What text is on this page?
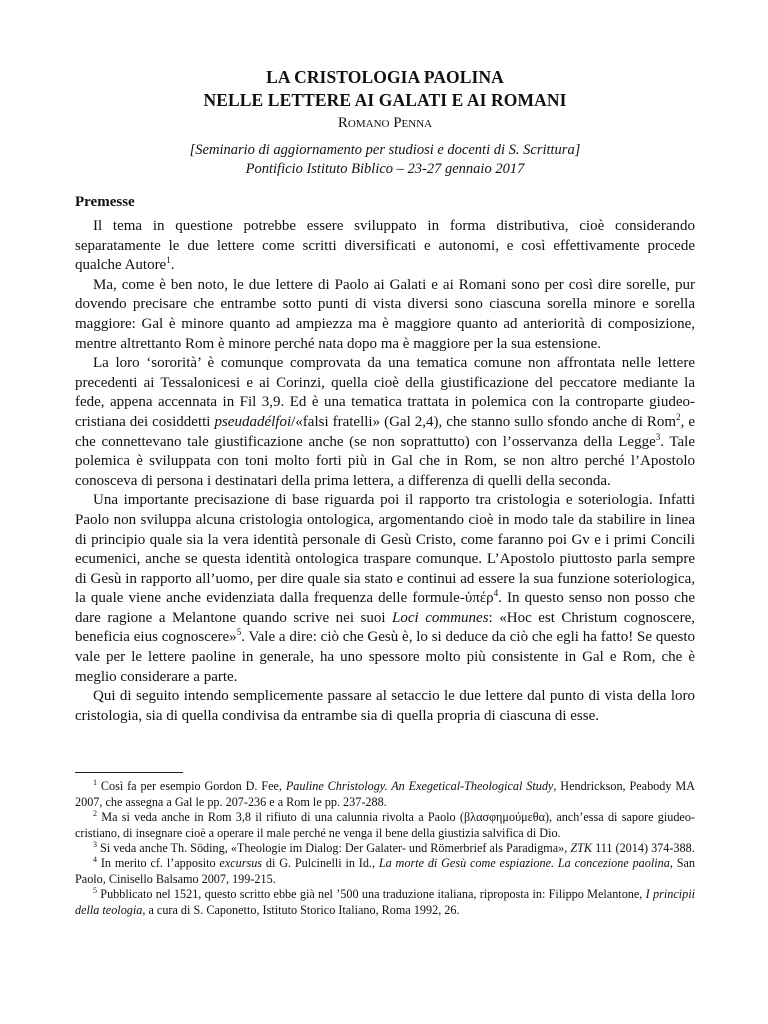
LA CRISTOLOGIA PAOLINA
NELLE LETTERE AI GALATI E AI ROMANI
Romano Penna
[Seminario di aggiornamento per studiosi e docenti di S. Scrittura]
Pontificio Istituto Biblico – 23-27 gennaio 2017
Premesse

Il tema in questione potrebbe essere sviluppato in forma distributiva, cioè considerando separatamente le due lettere come scritti diversificati e autonomi, e così effettivamente procede qualche Autore$^1$.

Ma, come è ben noto, le due lettere di Paolo ai Galati e ai Romani sono per così dire sorelle, pur dovendo precisare che entrambe sotto punti di vista diversi sono ciascuna sorella minore e sorella maggiore: Gal è minore quanto ad ampiezza ma è maggiore quanto ad anteriorità di composizione, mentre altrettanto Rom è minore perché nata dopo ma è maggiore per la sua estensione.

La loro ‘sororità’ è comunque comprovata da una tematica comune non affrontata nelle lettere precedenti ai Tessalonicesi e ai Corinzi, quella cioè della giustificazione del peccatore mediante la fede, appena accennata in Fil 3,9. Ed è una tematica trattata in polemica con la controparte giudeo-cristiana dei cosiddetti pseudadélfoi/«falsi fratelli» (Gal 2,4), che stanno sullo sfondo anche di Rom$^2$, e che connettevano tale giustificazione anche (se non soprattutto) con l’osservanza della Legge$^3$. Tale polemica è sviluppata con toni molto forti più in Gal che in Rom, se non altro perché l’Apostolo conosceva di persona i destinatari della prima lettera, a differenza di quelli della seconda.

Una importante precisazione di base riguarda poi il rapporto tra cristologia e soteriologia. Infatti Paolo non sviluppa alcuna cristologia ontologica, argomentando cioè in modo tale da stabilire in linea di principio quale sia la vera identità personale di Gesù Cristo, come faranno poi Gv e i primi Concili ecumenici, anche se questa identità ontologica traspare comunque. L’Apostolo piuttosto parla sempre di Gesù in rapporto all’uomo, per dire quale sia stato e continui ad essere la sua funzione soteriologica, la quale viene anche evidenziata dalla frequenza delle formule-ὑπέρ$^4$. In questo senso non posso che dare ragione a Melantone quando scrive nei suoi Loci communes: «Hoc est Christum cognoscere, beneficia eius cognoscere»$^5$. Vale a dire: ciò che Gesù è, lo si deduce da ciò che egli ha fatto! Se questo vale per le lettere paoline in generale, ha uno spessore molto più consistente in Gal e Rom, che è meglio considerare a parte.

Qui di seguito intendo semplicemente passare al setaccio le due lettere dal punto di vista della loro cristologia, sia di quella condivisa da entrambe sia di quella propria di ciascuna di esse.

$^1$ Così fa per esempio Gordon D. Fee, Pauline Christology. An Exegetical-Theological Study, Hendrickson, Peabody MA 2007, che assegna a Gal le pp. 207-236 e a Rom le pp. 237-288.

$^2$ Ma si veda anche in Rom 3,8 il rifiuto di una calunnia rivolta a Paolo (βλασφημούμεθα), anch’essa di sapore giudeo-cristiano, di insegnare cioè a operare il male perché ne venga il bene della giustizia salvifica di Dio.

$^3$ Si veda anche Th. Söding, «Theologie im Dialog: Der Galater- und Römerbrief als Paradigma», ZTK 111 (2014) 374-388.

$^4$ In merito cf. l’apposito excursus di G. Pulcinelli in Id., La morte di Gesù come espiazione. La concezione paolina, San Paolo, Cinisello Balsamo 2007, 199-215.

$^5$ Pubblicato nel 1521, questo scritto ebbe già nel ’500 una traduzione italiana, riproposta in: Filippo Melantone, I principii della teologia, a cura di S. Caponetto, Istituto Storico Italiano, Roma 1992, 26.
